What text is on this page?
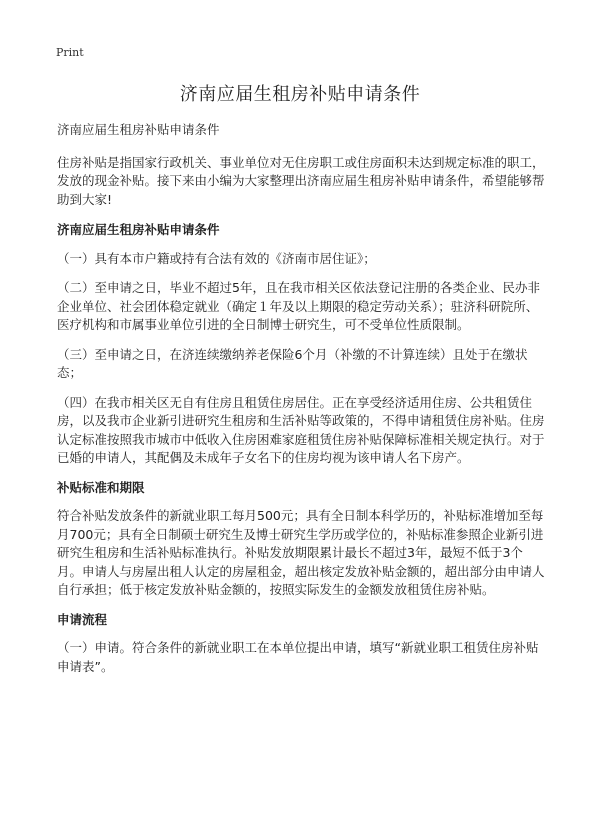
Print
济南应届生租房补贴申请条件

济南应届生租房补贴申请条件

住房补贴是指国家行政机关、事业单位对无住房职工或住房面积未达到规定标准的职工，发放的现金补贴。接下来由小编为大家整理出济南应届生租房补贴申请条件，希望能够帮助到大家!

济南应届生租房补贴申请条件

（一）具有本市户籍或持有合法有效的《济南市居住证》；

（二）至申请之日，毕业不超过5年，且在我市相关区依法登记注册的各类企业、民办非企业单位、社会团体稳定就业（确定１年及以上期限的稳定劳动关系）；驻济科研院所、医疗机构和市属事业单位引进的全日制博士研究生，可不受单位性质限制。

（三）至申请之日，在济连续缴纳养老保险6个月（补缴的不计算连续）且处于在缴状态；

（四）在我市相关区无自有住房且租赁住房居住。正在享受经济适用住房、公共租赁住房，以及我市企业新引进研究生租房和生活补贴等政策的，不得申请租赁住房补贴。住房认定标准按照我市城市中低收入住房困难家庭租赁住房补贴保障标准相关规定执行。对于已婚的申请人，其配偶及未成年子女名下的住房均视为该申请人名下房产。

补贴标准和期限

符合补贴发放条件的新就业职工每月500元；具有全日制本科学历的，补贴标准增加至每月700元；具有全日制硕士研究生及博士研究生学历或学位的，补贴标准参照企业新引进研究生租房和生活补贴标准执行。补贴发放期限累计最长不超过3年，最短不低于3个月。申请人与房屋出租人认定的房屋租金，超出核定发放补贴金额的，超出部分由申请人自行承担；低于核定发放补贴金额的，按照实际发生的金额发放租赁住房补贴。

申请流程

（一）申请。符合条件的新就业职工在本单位提出申请，填写“新就业职工租赁住房补贴申请表”。
